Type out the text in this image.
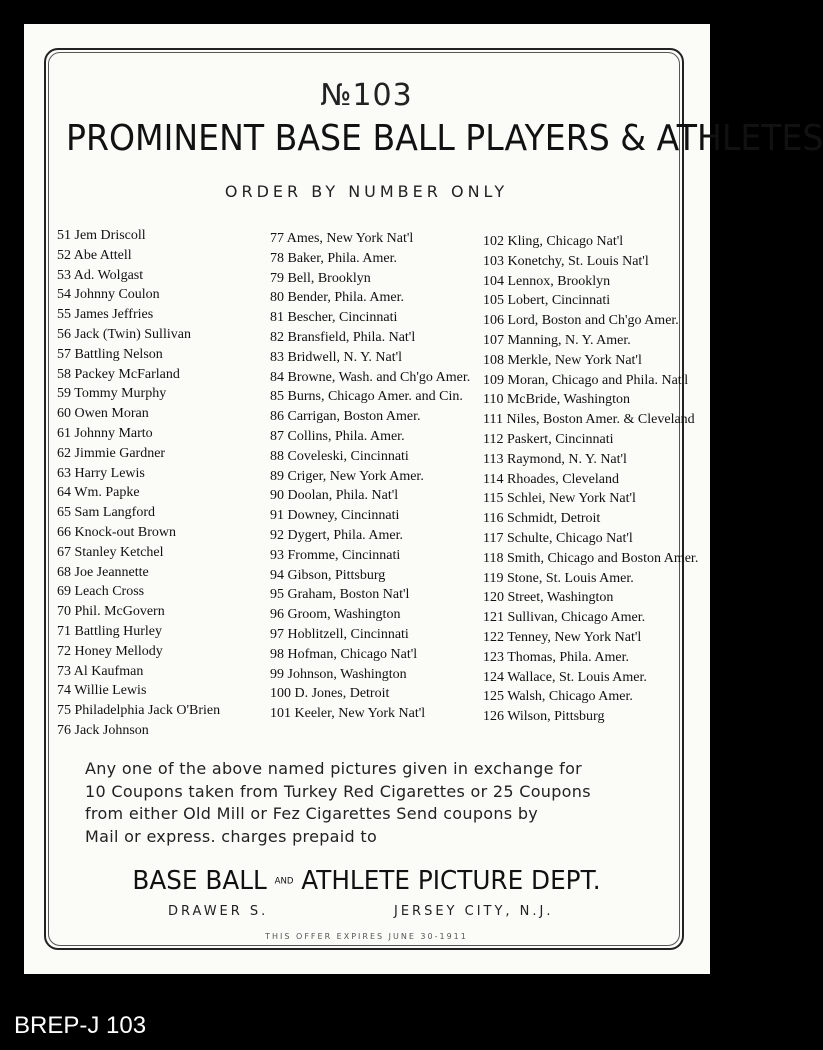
№103
PROMINENT BASE BALL PLAYERS & ATHLETES
ORDER BY NUMBER ONLY
51 Jem Driscoll
52 Abe Attell
53 Ad. Wolgast
54 Johnny Coulon
55 James Jeffries
56 Jack (Twin) Sullivan
57 Battling Nelson
58 Packey McFarland
59 Tommy Murphy
60 Owen Moran
61 Johnny Marto
62 Jimmie Gardner
63 Harry Lewis
64 Wm. Papke
65 Sam Langford
66 Knock-out Brown
67 Stanley Ketchel
68 Joe Jeannette
69 Leach Cross
70 Phil. McGovern
71 Battling Hurley
72 Honey Mellody
73 Al Kaufman
74 Willie Lewis
75 Philadelphia Jack O'Brien
76 Jack Johnson
77 Ames, New York Nat'l
78 Baker, Phila. Amer.
79 Bell, Brooklyn
80 Bender, Phila. Amer.
81 Bescher, Cincinnati
82 Bransfield, Phila. Nat'l
83 Bridwell, N. Y. Nat'l
84 Browne, Wash. and Ch'go Amer.
85 Burns, Chicago Amer. and Cin.
86 Carrigan, Boston Amer.
87 Collins, Phila. Amer.
88 Coveleski, Cincinnati
89 Criger, New York Amer.
90 Doolan, Phila. Nat'l
91 Downey, Cincinnati
92 Dygert, Phila. Amer.
93 Fromme, Cincinnati
94 Gibson, Pittsburg
95 Graham, Boston Nat'l
96 Groom, Washington
97 Hoblitzell, Cincinnati
98 Hofman, Chicago Nat'l
99 Johnson, Washington
100 D. Jones, Detroit
101 Keeler, New York Nat'l
102 Kling, Chicago Nat'l
103 Konetchy, St. Louis Nat'l
104 Lennox, Brooklyn
105 Lobert, Cincinnati
106 Lord, Boston and Ch'go Amer.
107 Manning, N. Y. Amer.
108 Merkle, New York Nat'l
109 Moran, Chicago and Phila. Nat'l
110 McBride, Washington
111 Niles, Boston Amer. & Cleveland
112 Paskert, Cincinnati
113 Raymond, N. Y. Nat'l
114 Rhoades, Cleveland
115 Schlei, New York Nat'l
116 Schmidt, Detroit
117 Schulte, Chicago Nat'l
118 Smith, Chicago and Boston Amer.
119 Stone, St. Louis Amer.
120 Street, Washington
121 Sullivan, Chicago Amer.
122 Tenney, New York Nat'l
123 Thomas, Phila. Amer.
124 Wallace, St. Louis Amer.
125 Walsh, Chicago Amer.
126 Wilson, Pittsburg
Any one of the above named pictures given in exchange for
10 Coupons taken from Turkey Red Cigarettes or 25 Coupons
from either Old Mill or Fez Cigarettes Send coupons by
Mail or express. charges prepaid to
BASE BALL AND ATHLETE PICTURE DEPT.
DRAWER S.	JERSEY CITY, N.J.
THIS OFFER EXPIRES JUNE 30-1911
BREP-J 103
